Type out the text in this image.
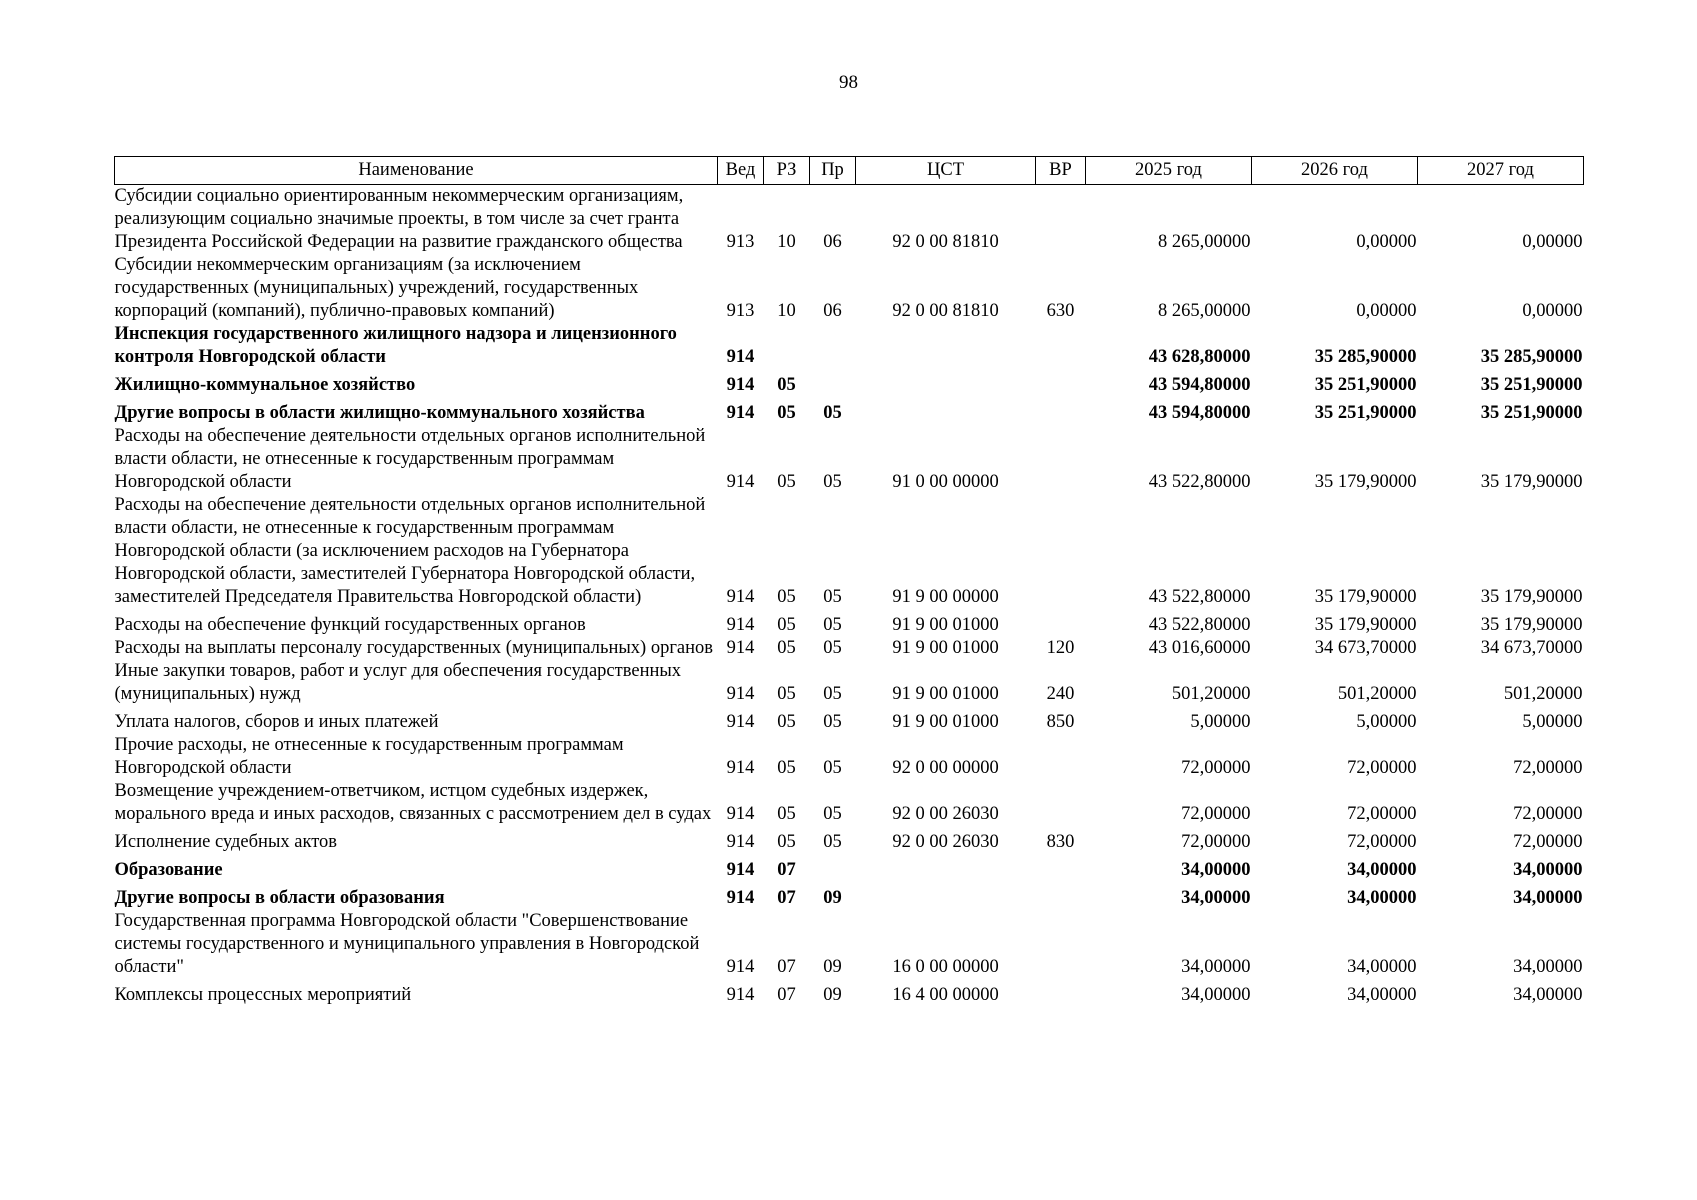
98
Наименование	Вед	РЗ	Пр	ЦСТ	ВР	2025 год	2026 год	2027 год
Субсидии социально ориентированным некоммерческим организациям, реализующим социально значимые проекты, в том числе за счет гранта Президента Российской Федерации на развитие гражданского общества	913	10	06	92 0 00 81810		8 265,00000	0,00000	0,00000
Субсидии некоммерческим организациям (за исключением государственных (муниципальных) учреждений, государственных корпораций (компаний), публично-правовых компаний)	913	10	06	92 0 00 81810	630	8 265,00000	0,00000	0,00000
Инспекция государственного жилищного надзора и лицензионного контроля Новгородской области	914					43 628,80000	35 285,90000	35 285,90000
Жилищно-коммунальное хозяйство	914	05				43 594,80000	35 251,90000	35 251,90000
Другие вопросы в области жилищно-коммунального хозяйства	914	05	05			43 594,80000	35 251,90000	35 251,90000
Расходы на обеспечение деятельности отдельных органов исполнительной власти области, не отнесенные к государственным программам Новгородской области	914	05	05	91 0 00 00000		43 522,80000	35 179,90000	35 179,90000
Расходы на обеспечение деятельности отдельных органов исполнительной власти области, не отнесенные к государственным программам Новгородской области (за исключением расходов на Губернатора Новгородской области, заместителей Губернатора Новгородской области, заместителей Председателя Правительства Новгородской области)	914	05	05	91 9 00 00000		43 522,80000	35 179,90000	35 179,90000
Расходы на обеспечение функций государственных органов	914	05	05	91 9 00 01000		43 522,80000	35 179,90000	35 179,90000
Расходы на выплаты персоналу государственных (муниципальных) органов	914	05	05	91 9 00 01000	120	43 016,60000	34 673,70000	34 673,70000
Иные закупки товаров, работ и услуг для обеспечения государственных (муниципальных) нужд	914	05	05	91 9 00 01000	240	501,20000	501,20000	501,20000
Уплата налогов, сборов и иных платежей	914	05	05	91 9 00 01000	850	5,00000	5,00000	5,00000
Прочие расходы, не отнесенные к государственным программам Новгородской области	914	05	05	92 0 00 00000		72,00000	72,00000	72,00000
Возмещение учреждением-ответчиком, истцом судебных издержек, морального вреда и иных расходов, связанных с рассмотрением дел в судах	914	05	05	92 0 00 26030		72,00000	72,00000	72,00000
Исполнение судебных актов	914	05	05	92 0 00 26030	830	72,00000	72,00000	72,00000
Образование	914	07				34,00000	34,00000	34,00000
Другие вопросы в области образования	914	07	09			34,00000	34,00000	34,00000
Государственная программа Новгородской области "Совершенствование системы государственного и муниципального управления в Новгородской области"	914	07	09	16 0 00 00000		34,00000	34,00000	34,00000
Комплексы процессных мероприятий	914	07	09	16 4 00 00000		34,00000	34,00000	34,00000
